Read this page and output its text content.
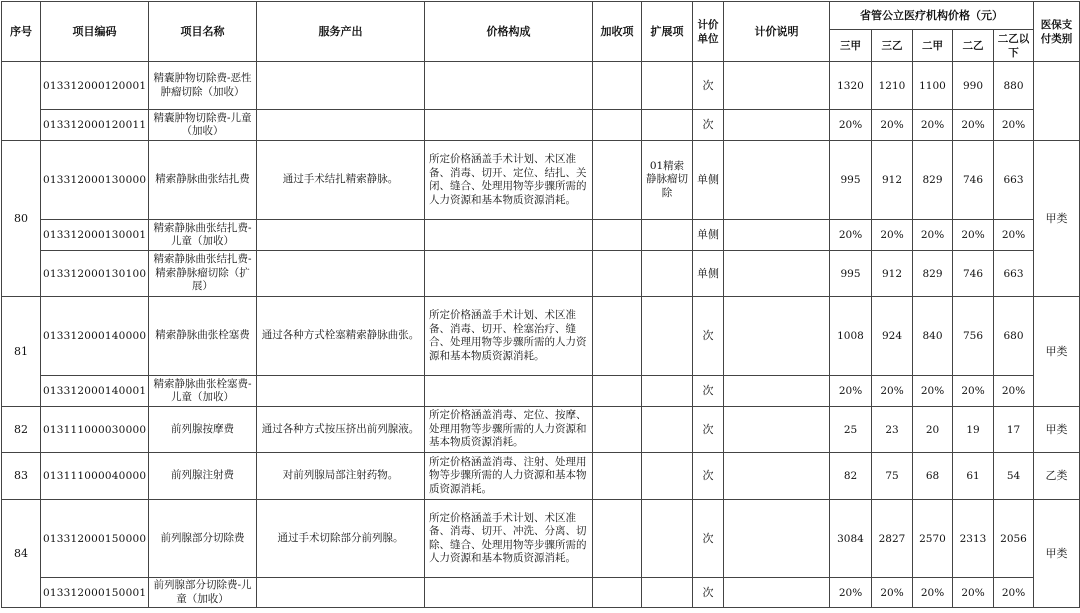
序号	项目编码	项目名称	服务产出	价格构成	加收项	扩展项	计价单位	计价说明	省管公立医疗机构价格（元）					医保支付类别
									三甲	三乙	二甲	二乙	二乙以下	
	013312000120001	精囊肿物切除费-恶性肿瘤切除（加收）					次		1320	1210	1100	990	880	
	013312000120011	精囊肿物切除费-儿童（加收）					次		20%	20%	20%	20%	20%	
80	013312000130000	精索静脉曲张结扎费	通过手术结扎精索静脉。	所定价格涵盖手术计划、术区准备、消毒、切开、定位、结扎、关闭、缝合、处理用物等步骤所需的人力资源和基本物质资源消耗。		01精索静脉瘤切除	单侧		995	912	829	746	663	甲类
	013312000130001	精索静脉曲张结扎费-儿童（加收）					单侧		20%	20%	20%	20%	20%	
	013312000130100	精索静脉曲张结扎费-精索静脉瘤切除（扩展）					单侧		995	912	829	746	663	
81	013312000140000	精索静脉曲张栓塞费	通过各种方式栓塞精索静脉曲张。	所定价格涵盖手术计划、术区准备、消毒、切开、栓塞治疗、缝合、处理用物等步骤所需的人力资源和基本物质资源消耗。			次		1008	924	840	756	680	甲类
	013312000140001	精索静脉曲张栓塞费-儿童（加收）					次		20%	20%	20%	20%	20%	
82	013111000030000	前列腺按摩费	通过各种方式按压挤出前列腺液。	所定价格涵盖消毒、定位、按摩、处理用物等步骤所需的人力资源和基本物质资源消耗。			次		25	23	20	19	17	甲类
83	013111000040000	前列腺注射费	对前列腺局部注射药物。	所定价格涵盖消毒、注射、处理用物等步骤所需的人力资源和基本物质资源消耗。			次		82	75	68	61	54	乙类
84	013312000150000	前列腺部分切除费	通过手术切除部分前列腺。	所定价格涵盖手术计划、术区准备、消毒、切开、冲洗、分离、切除、缝合、处理用物等步骤所需的人力资源和基本物质资源消耗。			次		3084	2827	2570	2313	2056	甲类
	013312000150001	前列腺部分切除费-儿童（加收）					次		20%	20%	20%	20%	20%	
